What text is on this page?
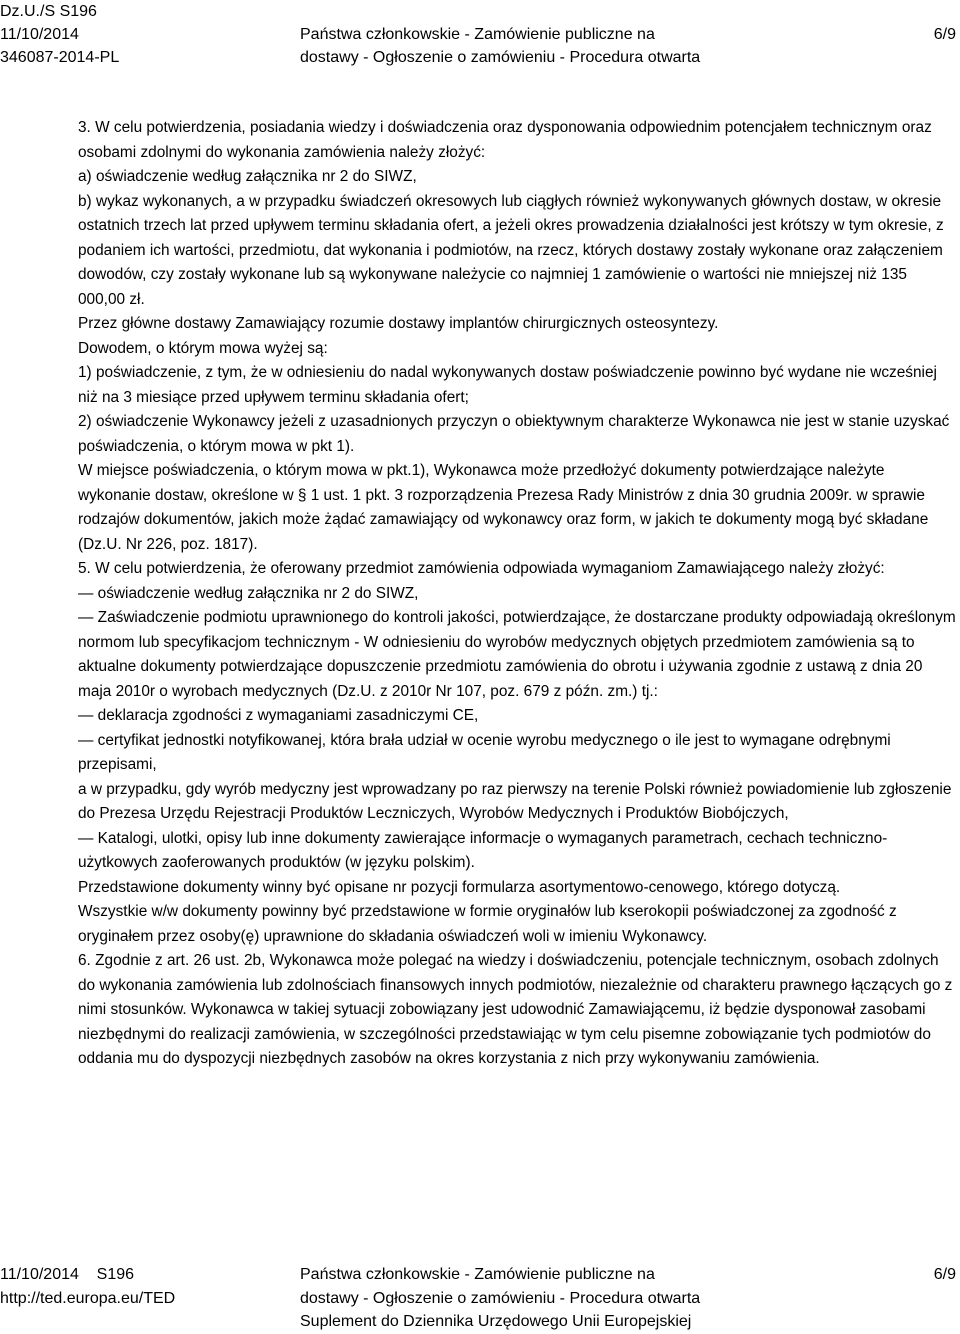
Dz.U./S S196
11/10/2014
346087-2014-PL
Państwa członkowskie - Zamówienie publiczne na
dostawy - Ogłoszenie o zamówieniu - Procedura otwarta
6/9

3. W celu potwierdzenia, posiadania wiedzy i doświadczenia oraz dysponowania odpowiednim potencjałem technicznym oraz osobami zdolnymi do wykonania zamówienia należy złożyć:

a) oświadczenie według załącznika nr 2 do SIWZ,

b) wykaz wykonanych, a w przypadku świadczeń okresowych lub ciągłych również wykonywanych głównych dostaw, w okresie ostatnich trzech lat przed upływem terminu składania ofert, a jeżeli okres prowadzenia działalności jest krótszy w tym okresie, z podaniem ich wartości, przedmiotu, dat wykonania i podmiotów, na rzecz, których dostawy zostały wykonane oraz załączeniem dowodów, czy zostały wykonane lub są wykonywane należycie co najmniej 1 zamówienie o wartości nie mniejszej niż 135 000,00 zł.

Przez główne dostawy Zamawiający rozumie dostawy implantów chirurgicznych osteosyntezy.

Dowodem, o którym mowa wyżej są:

1) poświadczenie, z tym, że w odniesieniu do nadal wykonywanych dostaw poświadczenie powinno być wydane nie wcześniej niż na 3 miesiące przed upływem terminu składania ofert;

2) oświadczenie Wykonawcy jeżeli z uzasadnionych przyczyn o obiektywnym charakterze Wykonawca nie jest w stanie uzyskać poświadczenia, o którym mowa w pkt 1).

W miejsce poświadczenia, o którym mowa w pkt.1), Wykonawca może przedłożyć dokumenty potwierdzające należyte wykonanie dostaw, określone w § 1 ust. 1 pkt. 3 rozporządzenia Prezesa Rady Ministrów z dnia 30 grudnia 2009r. w sprawie rodzajów dokumentów, jakich może żądać zamawiający od wykonawcy oraz form, w jakich te dokumenty mogą być składane (Dz.U. Nr 226, poz. 1817).

5. W celu potwierdzenia, że oferowany przedmiot zamówienia odpowiada wymaganiom Zamawiającego należy złożyć:

— oświadczenie według załącznika nr 2 do SIWZ,

— Zaświadczenie podmiotu uprawnionego do kontroli jakości, potwierdzające, że dostarczane produkty odpowiadają określonym normom lub specyfikacjom technicznym - W odniesieniu do wyrobów medycznych objętych przedmiotem zamówienia są to aktualne dokumenty potwierdzające dopuszczenie przedmiotu zamówienia do obrotu i używania zgodnie z ustawą z dnia 20 maja 2010r o wyrobach medycznych (Dz.U. z 2010r Nr 107, poz. 679 z późn. zm.) tj.:

— deklaracja zgodności z wymaganiami zasadniczymi CE,

— certyfikat jednostki notyfikowanej, która brała udział w ocenie wyrobu medycznego o ile jest to wymagane odrębnymi przepisami,

a w przypadku, gdy wyrób medyczny jest wprowadzany po raz pierwszy na terenie Polski również powiadomienie lub zgłoszenie do Prezesa Urzędu Rejestracji Produktów Leczniczych, Wyrobów Medycznych i Produktów Biobójczych,

— Katalogi, ulotki, opisy lub inne dokumenty zawierające informacje o wymaganych parametrach, cechach techniczno-użytkowych zaoferowanych produktów (w języku polskim).

Przedstawione dokumenty winny być opisane nr pozycji formularza asortymentowo-cenowego, którego dotyczą.

Wszystkie w/w dokumenty powinny być przedstawione w formie oryginałów lub kserokopii poświadczonej za zgodność z oryginałem przez osoby(ę) uprawnione do składania oświadczeń woli w imieniu Wykonawcy.

6. Zgodnie z art. 26 ust. 2b, Wykonawca może polegać na wiedzy i doświadczeniu, potencjale technicznym, osobach zdolnych do wykonania zamówienia lub zdolnościach finansowych innych podmiotów, niezależnie od charakteru prawnego łączących go z nimi stosunków. Wykonawca w takiej sytuacji zobowiązany jest udowodnić Zamawiającemu, iż będzie dysponował zasobami niezbędnymi do realizacji zamówienia, w szczególności przedstawiając w tym celu pisemne zobowiązanie tych podmiotów do oddania mu do dyspozycji niezbędnych zasobów na okres korzystania z nich przy wykonywaniu zamówienia.

11/10/2014 S196
http://ted.europa.eu/TED
Państwa członkowskie - Zamówienie publiczne na
dostawy - Ogłoszenie o zamówieniu - Procedura otwarta
Suplement do Dziennika Urzędowego Unii Europejskiej
6/9
